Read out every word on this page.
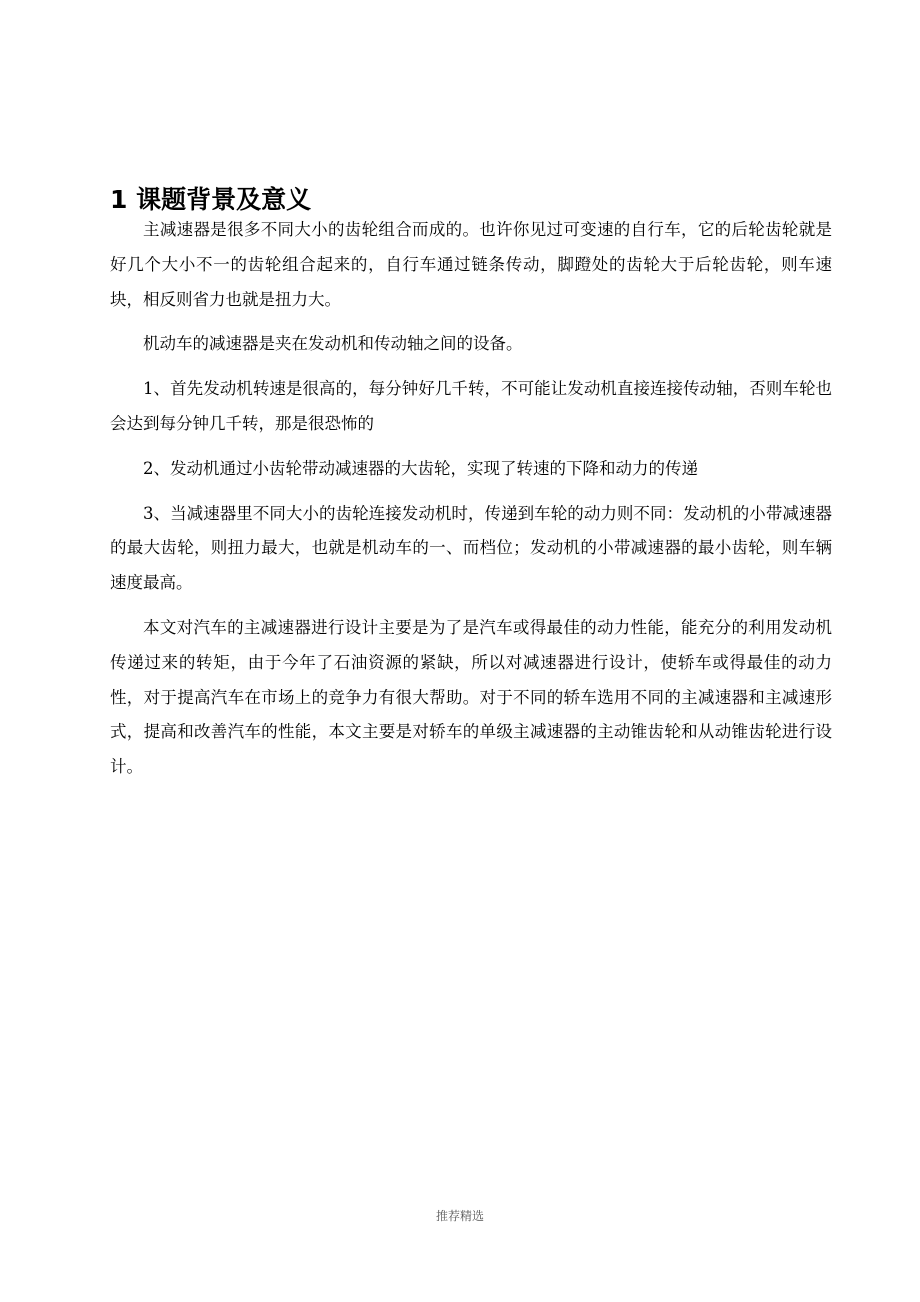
1 课题背景及意义

主减速器是很多不同大小的齿轮组合而成的。也许你见过可变速的自行车，它的后轮齿轮就是好几个大小不一的齿轮组合起来的，自行车通过链条传动，脚蹬处的齿轮大于后轮齿轮，则车速块，相反则省力也就是扭力大。

机动车的减速器是夹在发动机和传动轴之间的设备。

1、首先发动机转速是很高的，每分钟好几千转，不可能让发动机直接连接传动轴，否则车轮也会达到每分钟几千转，那是很恐怖的

2、发动机通过小齿轮带动减速器的大齿轮，实现了转速的下降和动力的传递

3、当减速器里不同大小的齿轮连接发动机时，传递到车轮的动力则不同：发动机的小带减速器的最大齿轮，则扭力最大，也就是机动车的一、而档位；发动机的小带减速器的最小齿轮，则车辆速度最高。

本文对汽车的主减速器进行设计主要是为了是汽车或得最佳的动力性能，能充分的利用发动机传递过来的转矩，由于今年了石油资源的紧缺，所以对减速器进行设计，使轿车或得最佳的动力性，对于提高汽车在市场上的竞争力有很大帮助。对于不同的轿车选用不同的主减速器和主减速形式，提高和改善汽车的性能，本文主要是对轿车的单级主减速器的主动锥齿轮和从动锥齿轮进行设计。

推荐精选
